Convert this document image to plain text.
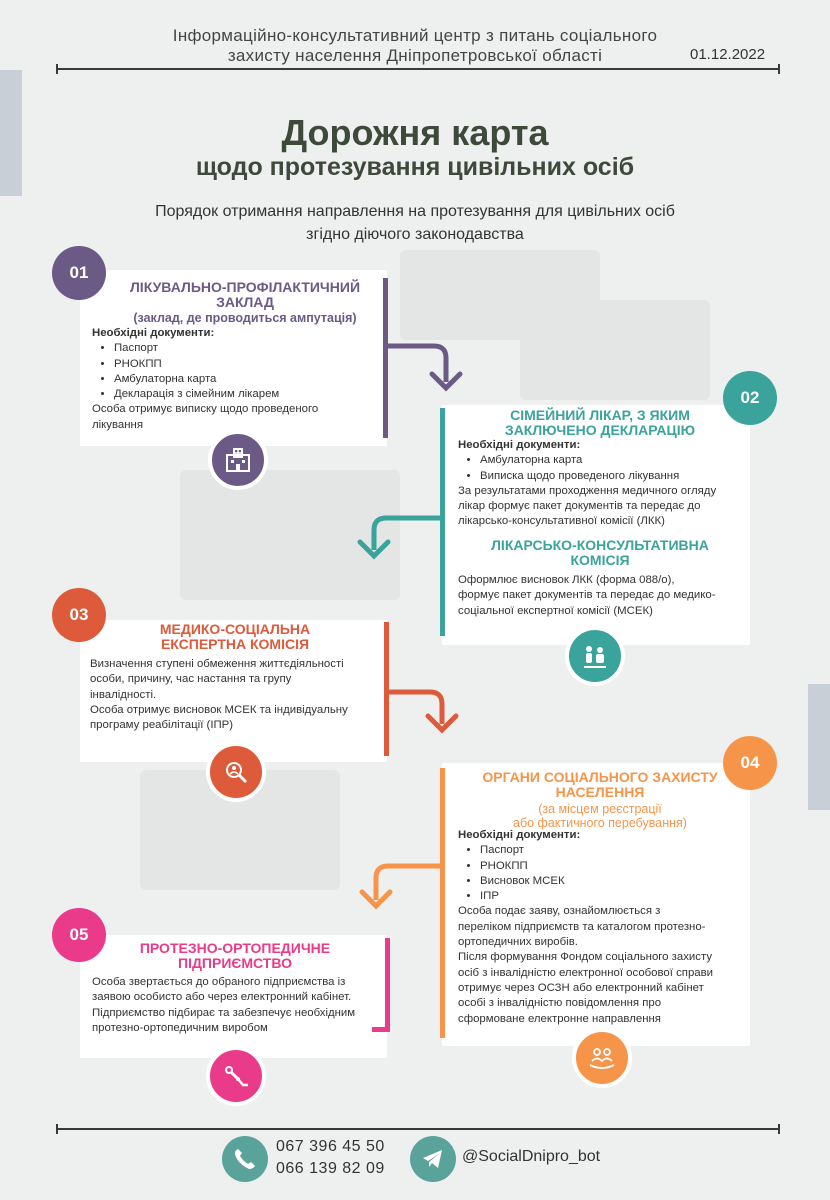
Інформаційно-консультативний центр з питань соціального
захисту населення Дніпропетровської області	01.12.2022
Дорожня карта
щодо протезування цивільних осіб
Порядок отримання направлення на протезування для цивільних осіб
згідно діючого законодавства
01
ЛІКУВАЛЬНО-ПРОФІЛАКТИЧНИЙ
ЗАКЛАД
(заклад, де проводиться ампутація)
Необхідні документи:
• Паспорт
• РНОКПП
• Амбулаторна карта
• Декларація з сімейним лікарем
Особа отримує виписку щодо проведеного
лікування
02
СІМЕЙНИЙ ЛІКАР, З ЯКИМ
ЗАКЛЮЧЕНО ДЕКЛАРАЦІЮ
Необхідні документи:
• Амбулаторна карта
• Виписка щодо проведеного лікування
За результатами проходження медичного огляду
лікар формує пакет документів та передає до
лікарсько-консультативної комісії (ЛКК)
ЛІКАРСЬКО-КОНСУЛЬТАТИВНА
КОМІСІЯ
Оформлює висновок ЛКК (форма 088/о),
формує пакет документів та передає до медико-
соціальної експертної комісії (МСЕК)
03
МЕДИКО-СОЦІАЛЬНА
ЕКСПЕРТНА КОМІСІЯ
Визначення ступені обмеження життєдіяльності
особи, причину, час настання та групу
інвалідності.
Особа отримує висновок МСЕК та індивідуальну
програму реабілітації (ІПР)
04
ОРГАНИ СОЦІАЛЬНОГО ЗАХИСТУ
НАСЕЛЕННЯ
(за місцем реєстрації
або фактичного перебування)
Необхідні документи:
• Паспорт
• РНОКПП
• Висновок МСЕК
• ІПР
Особа подає заяву, ознайомлюється з
переліком підприємств та каталогом протезно-
ортопедичних виробів.
Після формування Фондом соціального захисту
осіб з інвалідністю електронної особової справи
отримує через ОСЗН або електронний кабінет
особі з інвалідністю повідомлення про
сформоване електронне направлення
05
ПРОТЕЗНО-ОРТОПЕДИЧНЕ
ПІДПРИЄМСТВО
Особа звертається до обраного підприємства із
заявою особисто або через електронний кабінет.
Підприємство підбирає та забезпечує необхідним
протезно-ортопедичним виробом
067 396 45 50
066 139 82 09
@SocialDnipro_bot
